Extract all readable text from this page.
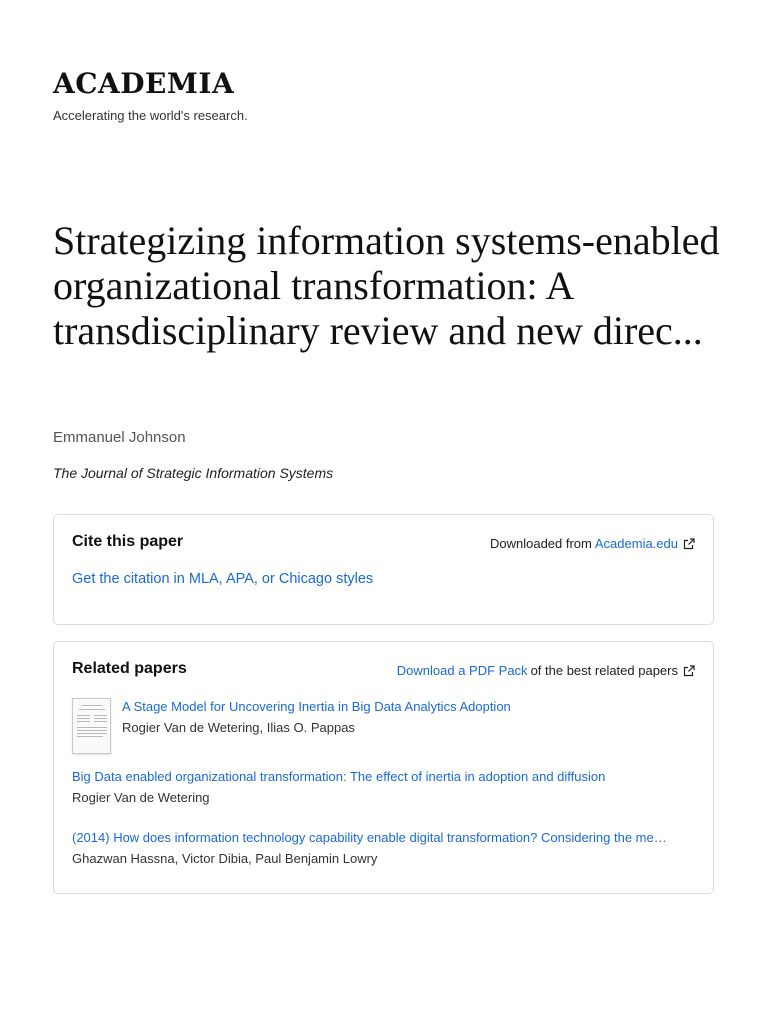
ACADEMIA
Accelerating the world's research.
Strategizing information systems-enabled organizational transformation: A transdisciplinary review and new direc...
Emmanuel Johnson
The Journal of Strategic Information Systems
Cite this paper	Downloaded from Academia.edu
Get the citation in MLA, APA, or Chicago styles
Related papers	Download a PDF Pack of the best related papers
A Stage Model for Uncovering Inertia in Big Data Analytics Adoption
Rogier Van de Wetering, Ilias O. Pappas
Big Data enabled organizational transformation: The effect of inertia in adoption and diffusion
Rogier Van de Wetering
(2014) How does information technology capability enable digital transformation? Considering the me…
Ghazwan Hassna, Victor Dibia, Paul Benjamin Lowry
